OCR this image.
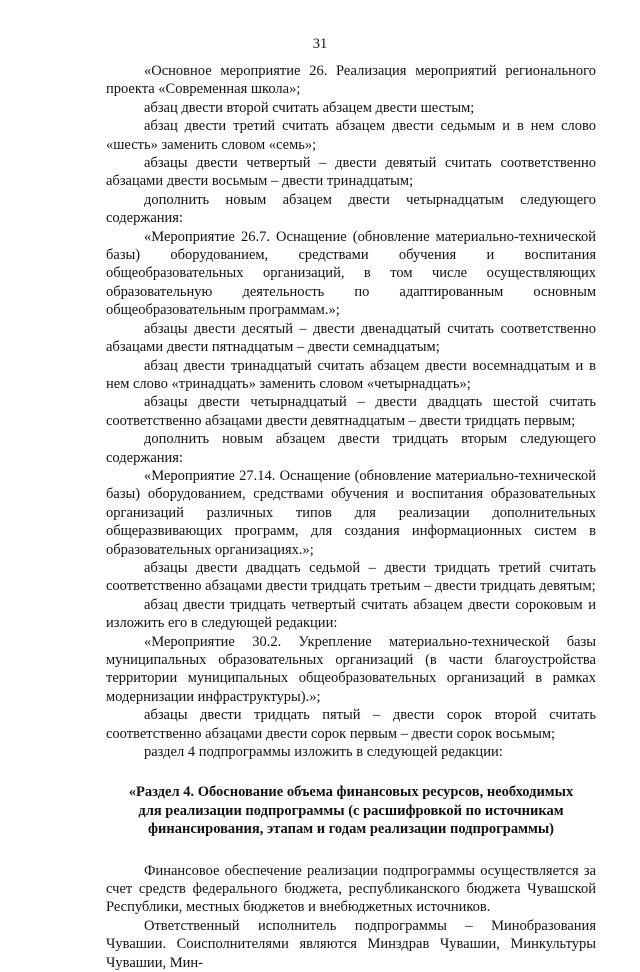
31

«Основное мероприятие 26. Реализация мероприятий регионального проекта «Современная школа»;

абзац двести второй считать абзацем двести шестым;

абзац двести третий считать абзацем двести седьмым и в нем слово «шесть» заменить словом «семь»;

абзацы двести четвертый – двести девятый считать соответственно абзацами двести восьмым – двести тринадцатым;

дополнить новым абзацем двести четырнадцатым следующего содержания:

«Мероприятие 26.7. Оснащение (обновление материально-технической базы) оборудованием, средствами обучения и воспитания общеобразовательных организаций, в том числе осуществляющих образовательную деятельность по адаптированным основным общеобразовательным программам.»;

абзацы двести десятый – двести двенадцатый считать соответственно абзацами двести пятнадцатым – двести семнадцатым;

абзац двести тринадцатый считать абзацем двести восемнадцатым и в нем слово «тринадцать» заменить словом «четырнадцать»;

абзацы двести четырнадцатый – двести двадцать шестой считать соответственно абзацами двести девятнадцатым – двести тридцать первым;

дополнить новым абзацем двести тридцать вторым следующего содержания:

«Мероприятие 27.14. Оснащение (обновление материально-технической базы) оборудованием, средствами обучения и воспитания образовательных организаций различных типов для реализации дополнительных общеразвивающих программ, для создания информационных систем в образовательных организациях.»;

абзацы двести двадцать седьмой – двести тридцать третий считать соответственно абзацами двести тридцать третьим – двести тридцать девятым;

абзац двести тридцать четвертый считать абзацем двести сороковым и изложить его в следующей редакции:

«Мероприятие 30.2. Укрепление материально-технической базы муниципальных образовательных организаций (в части благоустройства территории муниципальных общеобразовательных организаций в рамках модернизации инфраструктуры).»;

абзацы двести тридцать пятый – двести сорок второй считать соответственно абзацами двести сорок первым – двести сорок восьмым;

раздел 4 подпрограммы изложить в следующей редакции:

«Раздел 4. Обоснование объема финансовых ресурсов, необходимых
для реализации подпрограммы (с расшифровкой по источникам
финансирования, этапам и годам реализации подпрограммы)

Финансовое обеспечение реализации подпрограммы осуществляется за счет средств федерального бюджета, республиканского бюджета Чувашской Республики, местных бюджетов и внебюджетных источников.

Ответственный исполнитель подпрограммы – Минобразования Чувашии. Соисполнителями являются Минздрав Чувашии, Минкультуры Чувашии, Мин-
